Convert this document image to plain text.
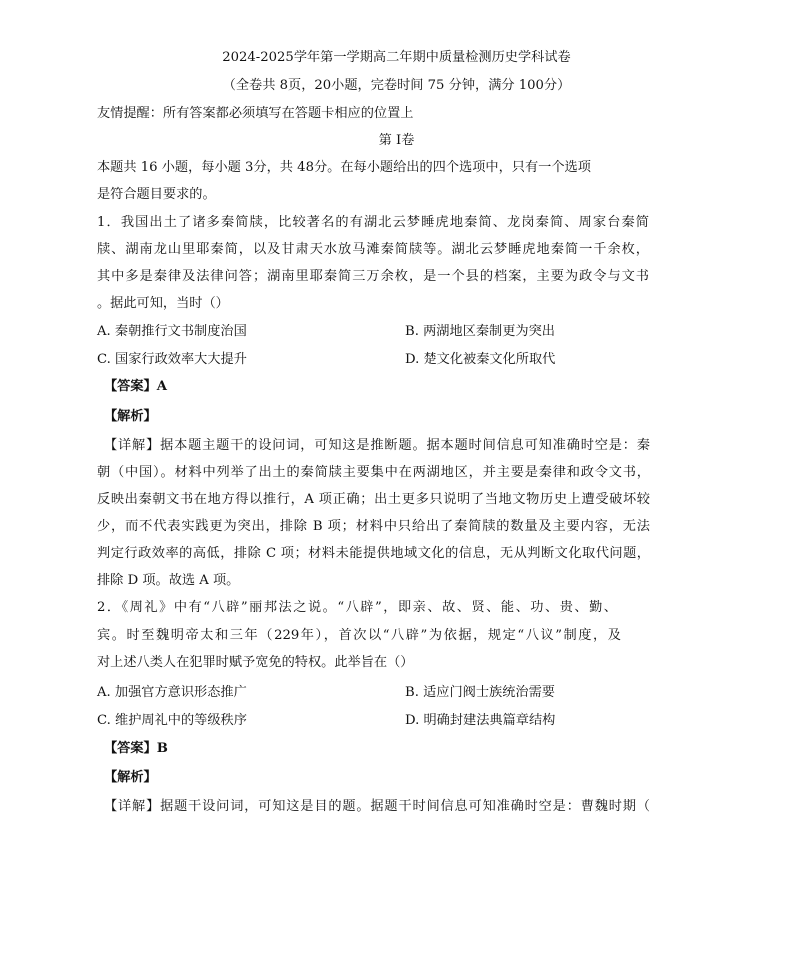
2024-2025学年第一学期高二年期中质量检测历史学科试卷
（全卷共 8页，20小题，完卷时间 75 分钟，满分 100分）
友情提醒：所有答案都必须填写在答题卡相应的位置上
第 I卷
本题共 16 小题，每小题 3分，共 48分。在每小题给出的四个选项中，只有一个选项
是符合题目要求的。
1．我国出土了诸多秦简牍，比较著名的有湖北云梦睡虎地秦简、龙岗秦简、周家台秦简
牍、湖南龙山里耶秦简，以及甘肃天水放马滩秦简牍等。湖北云梦睡虎地秦简一千余枚，
其中多是秦律及法律问答；湖南里耶秦简三万余枚，是一个县的档案，主要为政令与文书
。据此可知，当时（）
A. 秦朝推行文书制度治国	B. 两湖地区秦制更为突出
C. 国家行政效率大大提升	D. 楚文化被秦文化所取代
【答案】A
【解析】
【详解】据本题主题干的设问词，可知这是推断题。据本题时间信息可知准确时空是：秦
朝（中国）。材料中列举了出土的秦简牍主要集中在两湖地区，并主要是秦律和政令文书，
反映出秦朝文书在地方得以推行，A 项正确；出土更多只说明了当地文物历史上遭受破坏较
少，而不代表实践更为突出，排除 B 项；材料中只给出了秦简牍的数量及主要内容，无法
判定行政效率的高低，排除 C 项；材料未能提供地域文化的信息，无从判断文化取代问题，
排除 D 项。故选 A 项。
2．《周礼》中有“八辟”丽邦法之说。“八辟”，即亲、故、贤、能、功、贵、勤、
宾。时至魏明帝太和三年（229年），首次以“八辟”为依据，规定“八议”制度，及
对上述八类人在犯罪时赋予宽免的特权。此举旨在（）
A. 加强官方意识形态推广	B. 适应门阀士族统治需要
C. 维护周礼中的等级秩序	D. 明确封建法典篇章结构
【答案】B
【解析】
【详解】据题干设问词，可知这是目的题。据题干时间信息可知准确时空是：曹魏时期（
